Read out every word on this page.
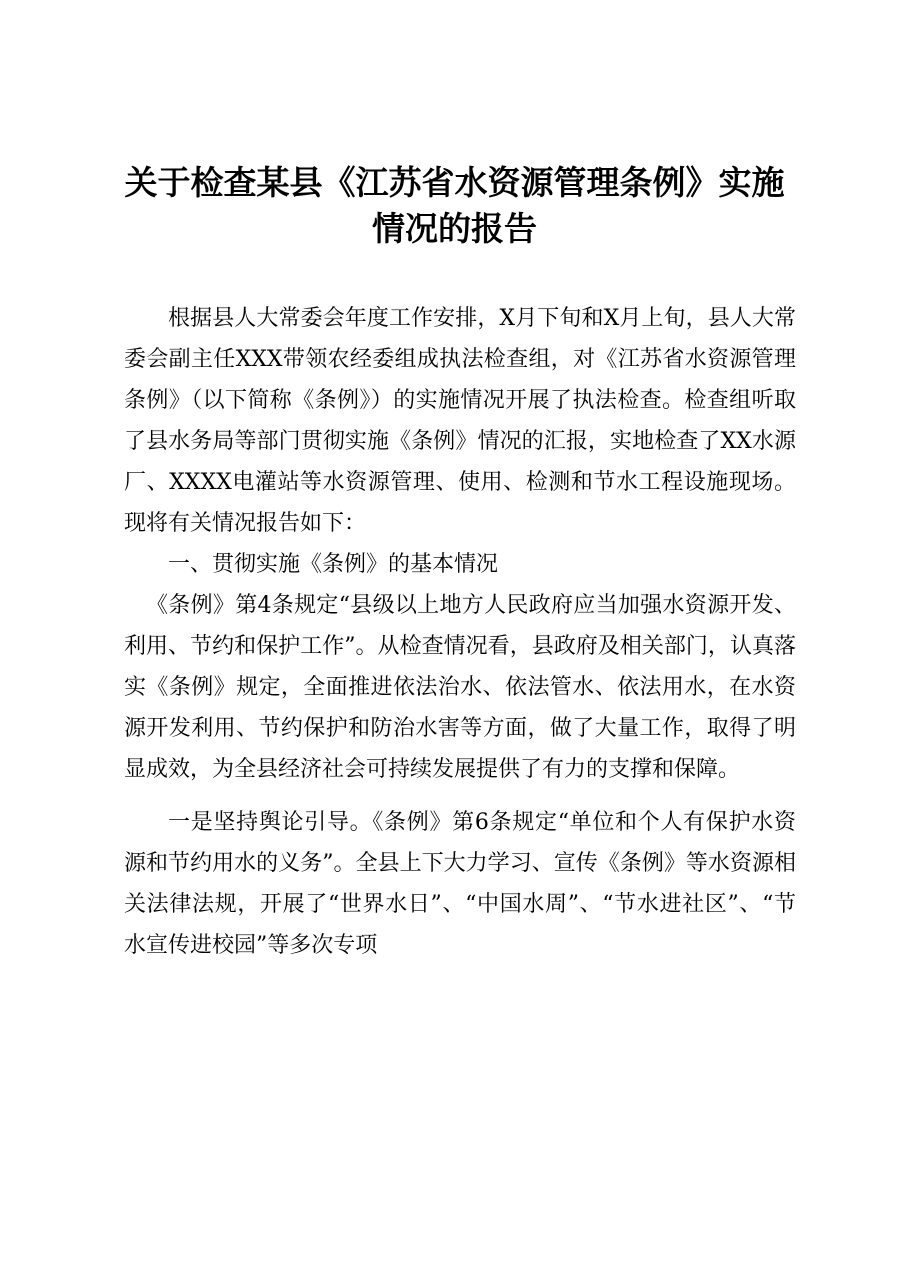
关于检查某县《江苏省水资源管理条例》实施
情况的报告

根据县人大常委会年度工作安排，X月下旬和X月上旬，县人大常委会副主任XXX带领农经委组成执法检查组，对《江苏省水资源管理条例》（以下简称《条例》）的实施情况开展了执法检查。检查组听取了县水务局等部门贯彻实施《条例》情况的汇报，实地检查了XX水源厂、XXXX电灌站等水资源管理、使用、检测和节水工程设施现场。现将有关情况报告如下：

一、贯彻实施《条例》的基本情况

《条例》第4条规定“县级以上地方人民政府应当加强水资源开发、利用、节约和保护工作”。从检查情况看，县政府及相关部门，认真落实《条例》规定，全面推进依法治水、依法管水、依法用水，在水资源开发利用、节约保护和防治水害等方面，做了大量工作，取得了明显成效，为全县经济社会可持续发展提供了有力的支撑和保障。

一是坚持舆论引导。《条例》第6条规定“单位和个人有保护水资源和节约用水的义务”。全县上下大力学习、宣传《条例》等水资源相关法律法规，开展了“世界水日”、“中国水周”、“节水进社区”、“节水宣传进校园”等多次专项
